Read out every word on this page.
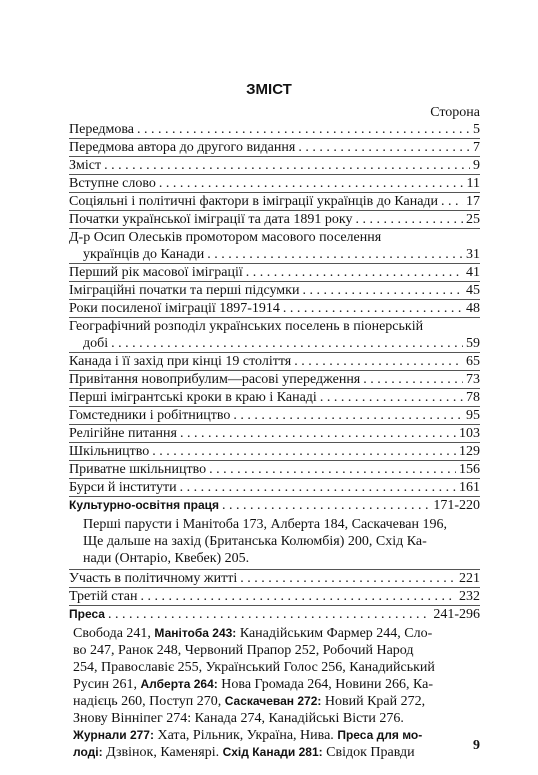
ЗМІСТ
Сторона
Передмова . . .	5
Передмова автора до другого видання . . .	7
Зміст . . .	9
Вступне слово . . .	11
Соціяльні і політичні фактори в іміграції українців до Канади . . . 17
Початки української іміграції та дата 1891 року . . .	25
Д-р Осип Олеськів промотором масового поселення
українців до Канади . . .	31
Перший рік масової іміграції . . .	41
Іміграційні початки та перші підсумки . . .	45
Роки посиленої іміграції 1897-1914 . . .	48
Географічний розподіл українських поселень в піонерській
добі . . .	59
Канада і її захід при кінці 19 століття . . .	65
Привітання новоприбулим—расові упередження . . .	73
Перші імігрантські кроки в краю і Канаді . . .	78
Гомстедники і робітництво . . .	95
Релігійне питання . . .	103
Шкільництво . . .	129
Приватне шкільництво . . .	156
Бурси й інститути . . .	161
Культурно-освітня праця . . .	171-220
Перші парусти і Манітоба 173, Алберта 184, Саскачеван 196,
Ще дальше на захід (Британська Колюмбія) 200, Схід Ка-
нади (Онтаріо, Квебек) 205.
Участь в політичному житті . . .	221
Третій стан . . .	232
Преса . . .	241-296
Свобода 241, Манітоба 243: Канадійським Фармер 244, Сло-
во 247, Ранок 248, Червоний Прапор 252, Робочий Народ
254, Православіє 255, Український Голос 256, Канадийський
Русин 261, Алберта 264: Нова Громада 264, Новини 266, Ка-
надієць 260, Поступ 270, Саскачеван 272: Новий Край 272,
Знову Вінніпег 274: Канада 274, Канадійські Вісти 276.
Журнали 277: Хата, Рільник, Україна, Нива. Преса для мо-
лоді: Дзвінок, Каменярі. Схід Канади 281: Свідок Правди	9
